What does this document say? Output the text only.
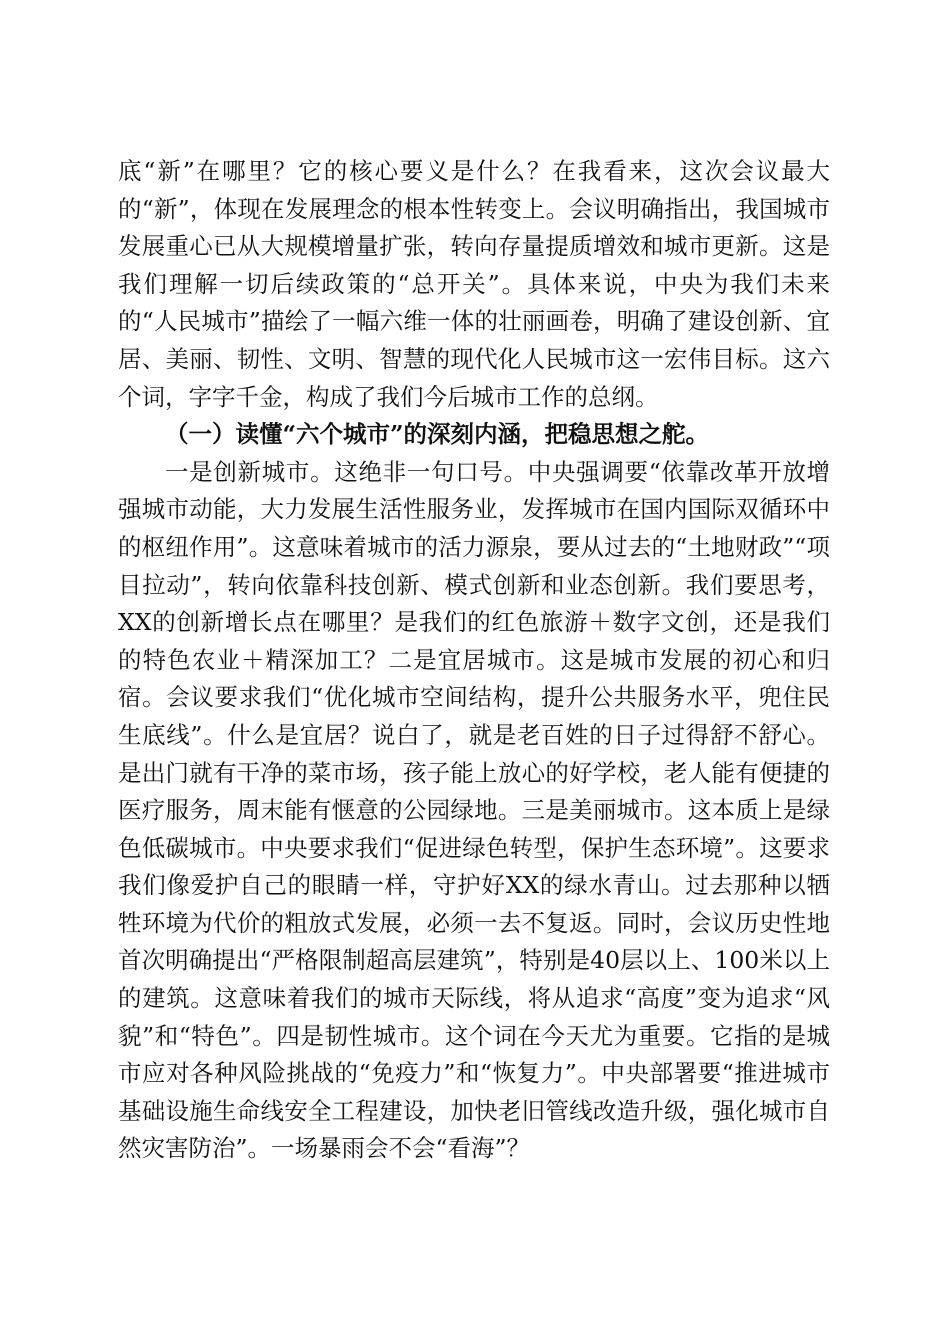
底“新”在哪里？它的核心要义是什么？在我看来，这次会议最大的“新”，体现在发展理念的根本性转变上。会议明确指出，我国城市发展重心已从大规模增量扩张，转向存量提质增效和城市更新。这是我们理解一切后续政策的“总开关”。具体来说，中央为我们未来的“人民城市”描绘了一幅六维一体的壮丽画卷，明确了建设创新、宜居、美丽、韧性、文明、智慧的现代化人民城市这一宏伟目标。这六个词，字字千金，构成了我们今后城市工作的总纲。

（一）读懂“六个城市”的深刻内涵，把稳思想之舵。

一是创新城市。这绝非一句口号。中央强调要“依靠改革开放增强城市动能，大力发展生活性服务业，发挥城市在国内国际双循环中的枢纽作用”。这意味着城市的活力源泉，要从过去的“土地财政”“项目拉动”，转向依靠科技创新、模式创新和业态创新。我们要思考，XX的创新增长点在哪里？是我们的红色旅游＋数字文创，还是我们的特色农业＋精深加工？二是宜居城市。这是城市发展的初心和归宿。会议要求我们“优化城市空间结构，提升公共服务水平，兜住民生底线”。什么是宜居？说白了，就是老百姓的日子过得舒不舒心。是出门就有干净的菜市场，孩子能上放心的好学校，老人能有便捷的医疗服务，周末能有惬意的公园绿地。三是美丽城市。这本质上是绿色低碳城市。中央要求我们“促进绿色转型，保护生态环境”。这要求我们像爱护自己的眼睛一样，守护好XX的绿水青山。过去那种以牺牲环境为代价的粗放式发展，必须一去不复返。同时，会议历史性地首次明确提出“严格限制超高层建筑”，特别是40层以上、100米以上的建筑。这意味着我们的城市天际线，将从追求“高度”变为追求“风貌”和“特色”。四是韧性城市。这个词在今天尤为重要。它指的是城市应对各种风险挑战的“免疫力”和“恢复力”。中央部署要“推进城市基础设施生命线安全工程建设，加快老旧管线改造升级，强化城市自然灾害防治”。一场暴雨会不会“看海”？
